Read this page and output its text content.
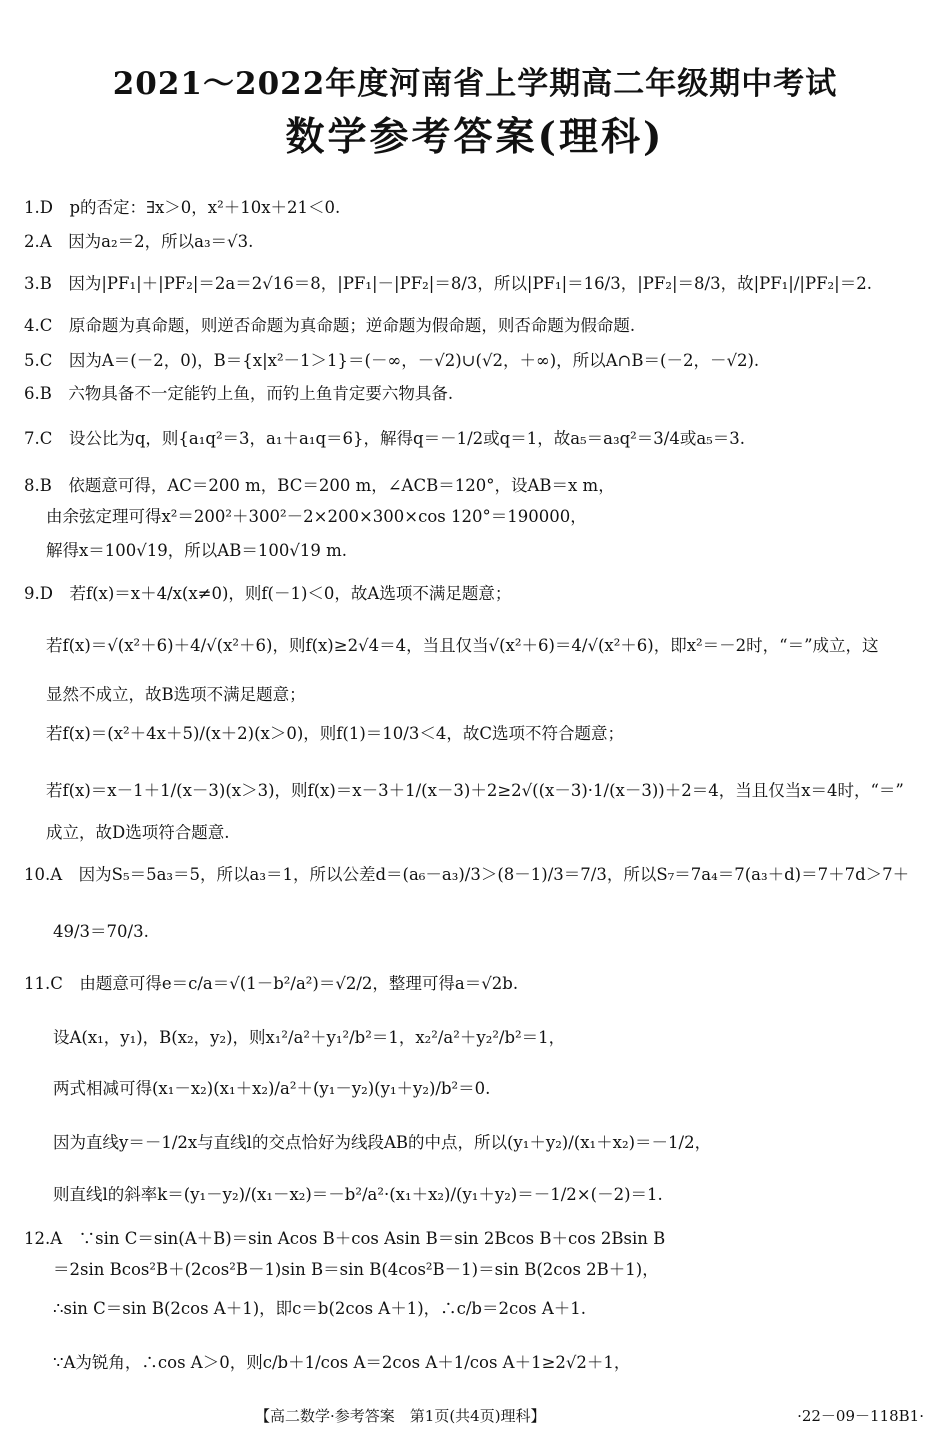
2021～2022年度河南省上学期高二年级期中考试
数学参考答案(理科)
1.D　p的否定：∃x＞0，x²＋10x＋21＜0.
2.A　因为a₂＝2，所以a₃＝√3.
3.B　因为|PF₁|＋|PF₂|＝2a＝2√16＝8，|PF₁|－|PF₂|＝8/3，所以|PF₁|＝16/3，|PF₂|＝8/3，故|PF₁|/|PF₂|＝2.
4.C　原命题为真命题，则逆否命题为真命题；逆命题为假命题，则否命题为假命题.
5.C　因为A＝(－2，0)，B＝{x|x²－1＞1}＝(－∞，－√2)∪(√2，＋∞)，所以A∩B＝(－2，－√2).
6.B　六物具备不一定能钓上鱼，而钓上鱼肯定要六物具备.
7.C　设公比为q，则{a₁q²＝3，a₁＋a₁q＝6}，解得q＝－1/2或q＝1，故a₅＝a₃q²＝3/4或a₅＝3.
8.B　依题意可得，AC＝200 m，BC＝200 m，∠ACB＝120°，设AB＝x m，
由余弦定理可得x²＝200²＋300²－2×200×300×cos 120°＝190000，
解得x＝100√19，所以AB＝100√19 m.
9.D　若f(x)＝x＋4/x(x≠0)，则f(－1)＜0，故A选项不满足题意；
若f(x)＝√(x²＋6)＋4/√(x²＋6)，则f(x)≥2√4＝4，当且仅当√(x²＋6)＝4/√(x²＋6)，即x²＝－2时，“＝”成立，这
显然不成立，故B选项不满足题意；
若f(x)＝(x²＋4x＋5)/(x＋2)(x＞0)，则f(1)＝10/3＜4，故C选项不符合题意；
若f(x)＝x－1＋1/(x－3)(x＞3)，则f(x)＝x－3＋1/(x－3)＋2≥2√((x－3)·1/(x－3))＋2＝4，当且仅当x＝4时，“＝”
成立，故D选项符合题意.
10.A　因为S₅＝5a₃＝5，所以a₃＝1，所以公差d＝(a₆－a₃)/3＞(8－1)/3＝7/3，所以S₇＝7a₄＝7(a₃＋d)＝7＋7d＞7＋
49/3＝70/3.
11.C　由题意可得e＝c/a＝√(1－b²/a²)＝√2/2，整理可得a＝√2b.
设A(x₁，y₁)，B(x₂，y₂)，则x₁²/a²＋y₁²/b²＝1，x₂²/a²＋y₂²/b²＝1，
两式相减可得(x₁－x₂)(x₁＋x₂)/a²＋(y₁－y₂)(y₁＋y₂)/b²＝0.
因为直线y＝－1/2x与直线l的交点恰好为线段AB的中点，所以(y₁＋y₂)/(x₁＋x₂)＝－1/2，
则直线l的斜率k＝(y₁－y₂)/(x₁－x₂)＝－b²/a²·(x₁＋x₂)/(y₁＋y₂)＝－1/2×(－2)＝1.
12.A　∵sin C＝sin(A＋B)＝sin Acos B＋cos Asin B＝sin 2Bcos B＋cos 2Bsin B
＝2sin Bcos²B＋(2cos²B－1)sin B＝sin B(4cos²B－1)＝sin B(2cos 2B＋1)，
∴sin C＝sin B(2cos A＋1)，即c＝b(2cos A＋1)，∴c/b＝2cos A＋1.
∵A为锐角，∴cos A＞0，则c/b＋1/cos A＝2cos A＋1/cos A＋1≥2√2＋1，
【高二数学·参考答案　第1页(共4页)理科】	·22－09－118B1·
